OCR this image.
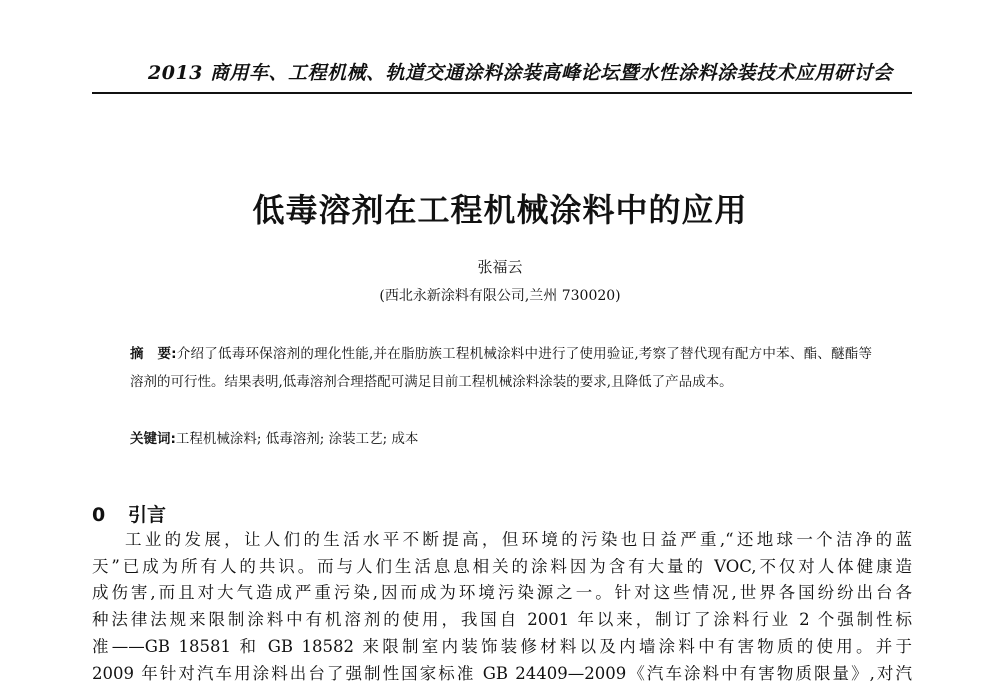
2013 商用车、工程机械、轨道交通涂料涂装高峰论坛暨水性涂料涂装技术应用研讨会
低毒溶剂在工程机械涂料中的应用
张福云
(西北永新涂料有限公司,兰州 730020)
摘　要:介绍了低毒环保溶剂的理化性能,并在脂肪族工程机械涂料中进行了使用验证,考察了替代现有配方中苯、酯、醚酯等溶剂的可行性。结果表明,低毒溶剂合理搭配可满足目前工程机械涂料涂装的要求,且降低了产品成本。
关键词:工程机械涂料; 低毒溶剂; 涂装工艺; 成本
0 引言
工业的发展，让人们的生活水平不断提高，但环境的污染也日益严重,“还地球一个洁净的蓝
天”已成为所有人的共识。而与人们生活息息相关的涂料因为含有大量的 VOC,不仅对人体健康造
成伤害,而且对大气造成严重污染,因而成为环境污染源之一。针对这些情况,世界各国纷纷出台各
种法律法规来限制涂料中有机溶剂的使用，我国自 2001 年以来，制订了涂料行业 2 个强制性标
准——GB 18581 和 GB 18582 来限制室内装饰装修材料以及内墙涂料中有害物质的使用。并于
2009 年针对汽车用涂料出台了强制性国家标准 GB 24409—2009《汽车涂料中有害物质限量》,对汽
